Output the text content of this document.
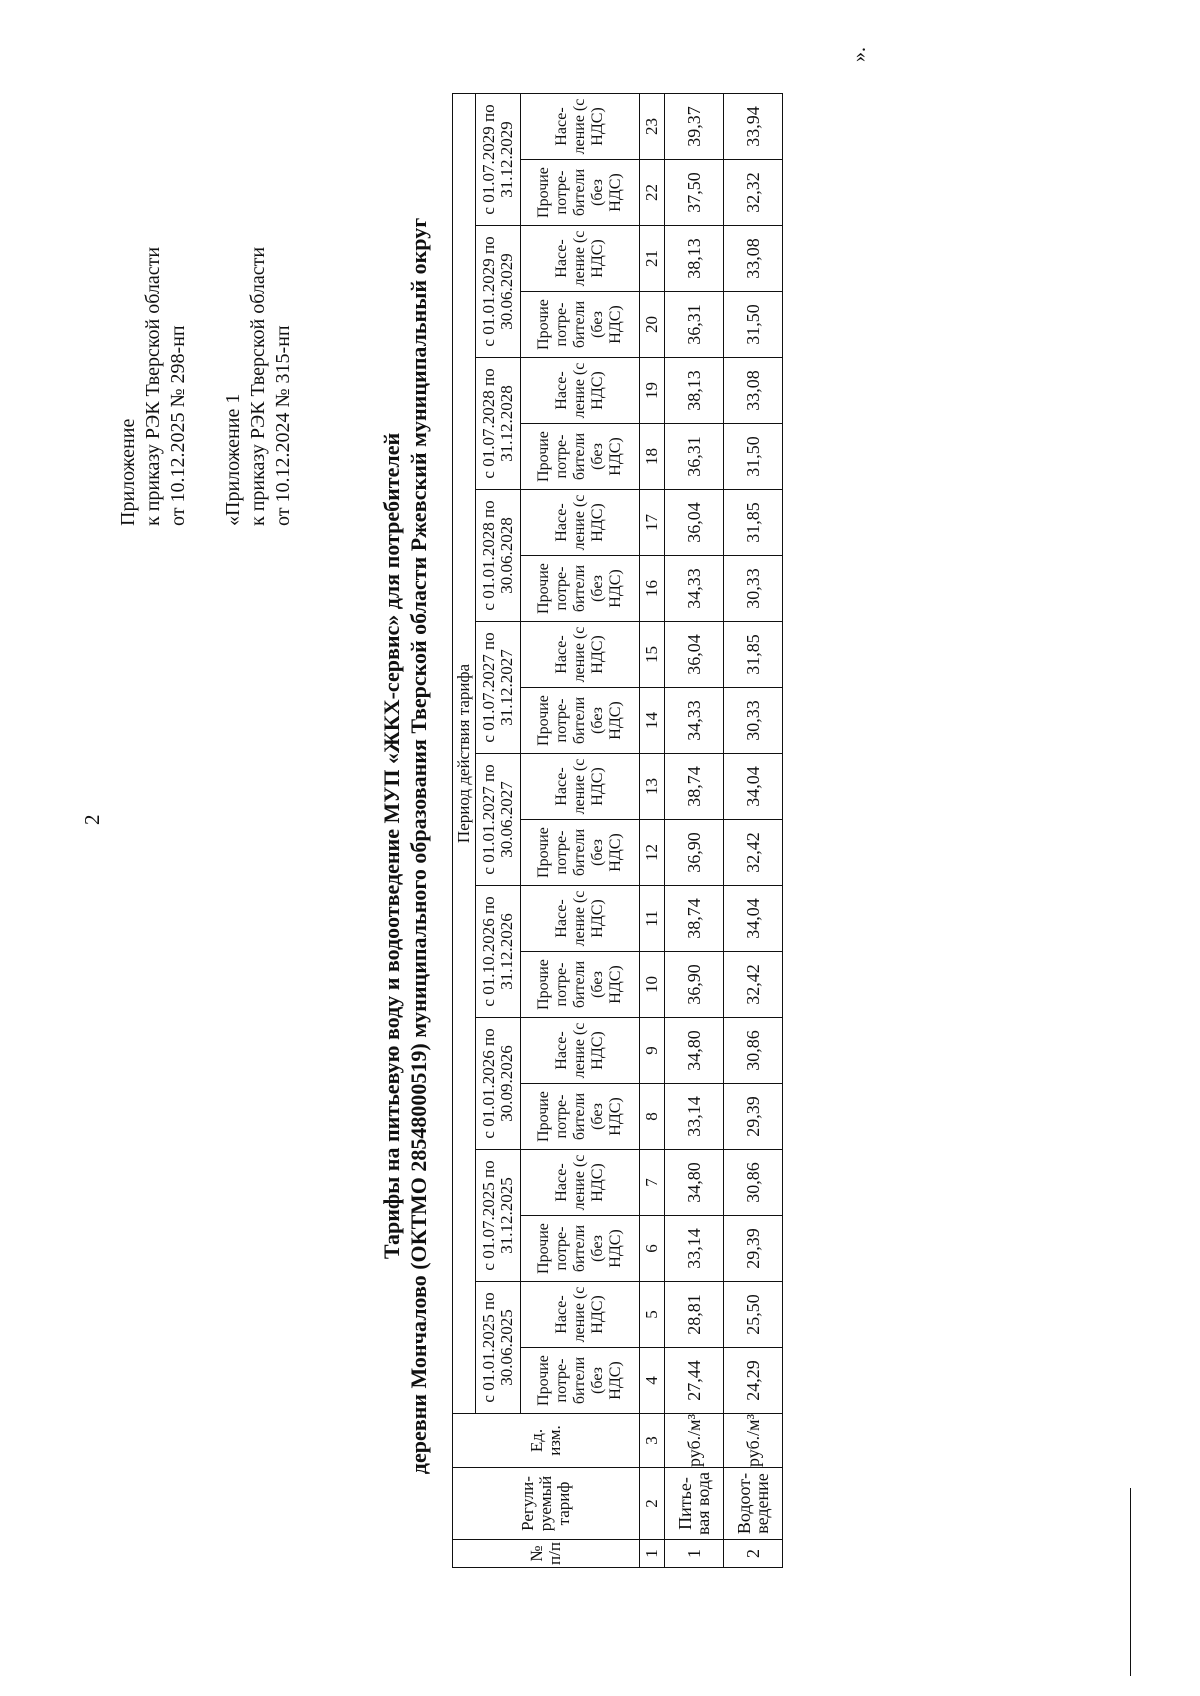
2
Приложение к приказу РЭК Тверской области от 10.12.2025 № 298-нп «Приложение 1 к приказу РЭК Тверской области от 10.12.2024 № 315-нп
Тарифы на питьевую воду и водоотведение МУП «ЖКХ-сервис» для потребителей деревни Мончалово (ОКТМО 28548000519) муниципального образования Тверской области Ржевский муниципальный округ
№ п/п	Регули-руемый тариф	Ед. изм.	Период действия тарифа																			
			с 01.01.2025 по 30.06.2025		с 01.07.2025 по 31.12.2025		с 01.01.2026 по 30.09.2026		с 01.10.2026 по 31.12.2026		с 01.01.2027 по 30.06.2027		с 01.07.2027 по 31.12.2027		с 01.01.2028 по 30.06.2028		с 01.07.2028 по 31.12.2028		с 01.01.2029 по 30.06.2029		с 01.07.2029 по 31.12.2029	
			Прочие потре-бители (без НДС)	Насе-ление (с НДС)	Прочие потре-бители (без НДС)	Насе-ление (с НДС)	Прочие потре-бители (без НДС)	Насе-ление (с НДС)	Прочие потре-бители (без НДС)	Насе-ление (с НДС)	Прочие потре-бители (без НДС)	Насе-ление (с НДС)	Прочие потре-бители (без НДС)	Насе-ление (с НДС)	Прочие потре-бители (без НДС)	Насе-ление (с НДС)	Прочие потре-бители (без НДС)	Насе-ление (с НДС)	Прочие потре-бители (без НДС)	Насе-ление (с НДС)	Прочие потре-бители (без НДС)	Насе-ление (с НДС)
1	2	3	4	5	6	7	8	9	10	11	12	13	14	15	16	17	18	19	20	21	22	23
1	Питье-вая вода	руб./м³	27,44	28,81	33,14	34,80	33,14	34,80	36,90	38,74	36,90	38,74	34,33	36,04	34,33	36,04	36,31	38,13	36,31	38,13	37,50	39,37
2	Водоот-ведение	руб./м³	24,29	25,50	29,39	30,86	29,39	30,86	32,42	34,04	32,42	34,04	30,33	31,85	30,33	31,85	31,50	33,08	31,50	33,08	32,32	33,94
».
